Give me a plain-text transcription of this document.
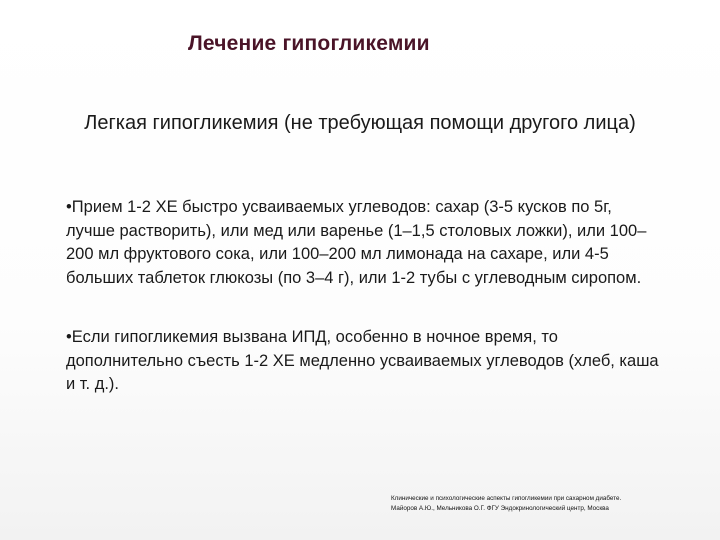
Лечение гипогликемии
Легкая гипогликемия (не требующая помощи другого лица)

•Прием 1-2 ХЕ быстро усваиваемых углеводов: сахар (3-5 кусков по 5г, лучше растворить), или мед или варенье (1–1,5 столовых ложки), или 100–200 мл фруктового сока, или 100–200 мл лимонада на сахаре, или 4-5 больших таблеток глюкозы (по 3–4 г), или 1-2 тубы с углеводным сиропом.

•Если гипогликемия вызвана ИПД, особенно в ночное время, то дополнительно съесть 1-2 ХЕ медленно усваиваемых углеводов (хлеб, каша и т. д.).

Клинические и психологические аспекты гипогликемии при сахарном диабете.
Майоров А.Ю., Мельникова О.Г. ФГУ Эндокринологический центр, Москва
